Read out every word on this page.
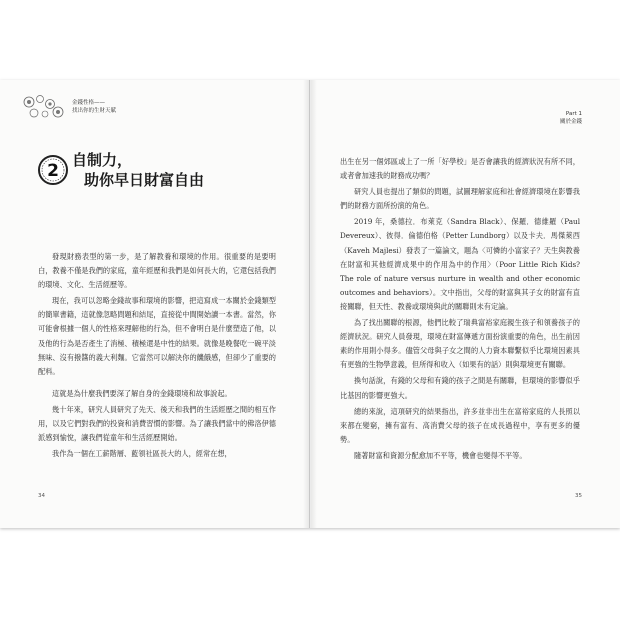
金錢性格——
找出你的生財天賦
2
自制力，
助你早日財富自由

發現財務表型的第一步，是了解教養和環境的作用。很重要的是要明白，教養不僅是我們的家庭，童年經歷和我們是如何長大的，它還包括我們的環境、文化、生活經歷等。

現在，我可以忽略金錢故事和環境的影響，把這寫成一本關於金錢類型的簡單書籍，這就像忽略問題和結尾，直接從中間開始讀一本書。當然，你可能會根據一個人的性格來理解他的行為，但不會明白是什麼塑造了他，以及他的行為是否產生了消極、積極還是中性的結果。就像是晚餐吃一碗平淡無味、沒有撥醬的義大利麵。它當然可以解決你的饑餓感，但卻少了重要的配料。

這就是為什麼我們要深了解自身的金錢環境和故事說起。

幾十年來，研究人員研究了先天、後天和我們的生活經歷之間的相互作用，以及它們對我們的投資和消費習慣的影響。為了讓我們當中的佛洛伊德派感到愉悅，讓我們從童年和生活經歷開始。

我作為一個在工薪階層、藍領社區長大的人，經常在想，

34
Part 1
關於金錢
35

出生在另一個郊區或上了一所「好學校」是否會讓我的經濟狀況有所不同，或者會加速我的財務成功嗎？

研究人員也提出了類似的問題，試圖理解家庭和社會經濟環境在影響我們的財務方面所扮演的角色。

2019 年，桑德拉．布萊克（Sandra Black）、保羅．德維羅（Paul Devereux）、彼得．倫德伯格（Petter Lundborg）以及卡夫．馬傑萊西（Kaveh Majlesi）發表了一篇論文，題為〈可憐的小富家子？天生與教養在財富和其他經濟成果中的作用為中的作用〉（Poor Little Rich Kids? The role of nature versus nurture in wealth and other economic outcomes and behaviors）。文中指出，父母的財富與其子女的財富有直接關聯，但天性、教養或環境與此的關聯則未有定論。

為了找出關聯的根源，他們比較了瑞典富裕家庭親生孩子和領養孩子的經濟狀況。研究人員發現，環境在財富傳遞方面扮演重要的角色，出生前因素的作用則小得多。儘管父母與子女之間的人力資本聯繫似乎比環境因素具有更強的生物學意義，但所得和收入（如果有的話）則與環境更有關聯。

換句話說，有錢的父母和有錢的孩子之間是有關聯，但環境的影響似乎比基因的影響更強大。

總的來說，這項研究的結果指出，許多並非出生在富裕家庭的人長照以來都在變窮，擁有富有、高消費父母的孩子在成長過程中，享有更多的優勢。

隨著財富和資源分配愈加不平等，機會也變得不平等。
